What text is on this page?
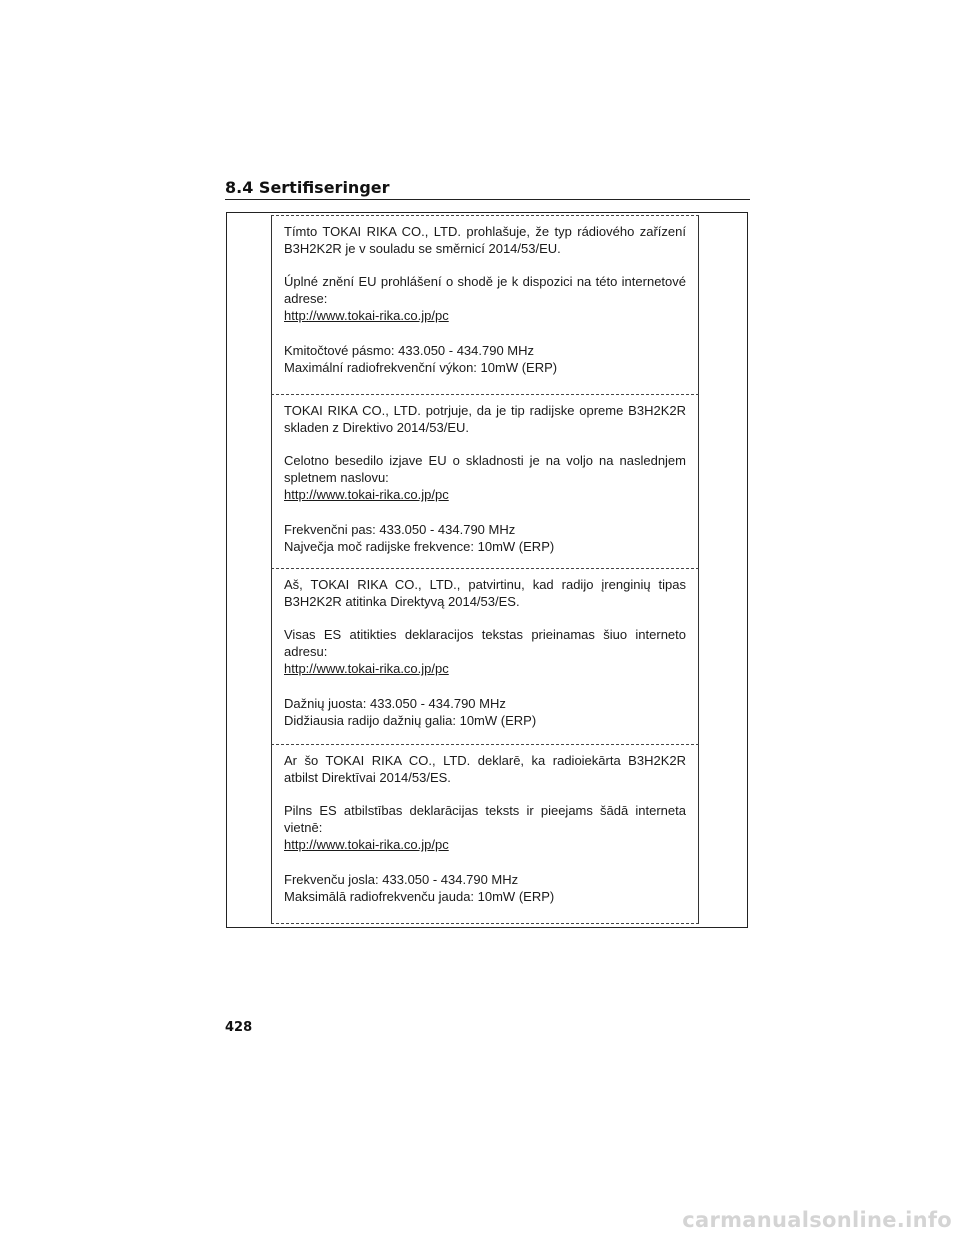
8.4 Sertifiseringer

Tímto TOKAI RIKA CO., LTD. prohlašuje, že typ rádiového zařízení B3H2K2R je v souladu se směrnicí 2014/53/EU.

Úplné znění EU prohlášení o shodě je k dispozici na této internetové adrese:
http://www.tokai-rika.co.jp/pc

Kmitočtové pásmo: 433.050 - 434.790 MHz
Maximální radiofrekvenční výkon: 10mW (ERP)

TOKAI RIKA CO., LTD. potrjuje, da je tip radijske opreme B3H2K2R skladen z Direktivo 2014/53/EU.

Celotno besedilo izjave EU o skladnosti je na voljo na naslednjem spletnem naslovu:
http://www.tokai-rika.co.jp/pc

Frekvenčni pas: 433.050 - 434.790 MHz
Največja moč radijske frekvence: 10mW (ERP)

Aš, TOKAI RIKA CO., LTD., patvirtinu, kad radijo įrenginių tipas B3H2K2R atitinka Direktyvą 2014/53/ES.

Visas ES atitikties deklaracijos tekstas prieinamas šiuo interneto adresu:
http://www.tokai-rika.co.jp/pc

Dažnių juosta: 433.050 - 434.790 MHz
Didžiausia radijo dažnių galia: 10mW (ERP)

Ar šo TOKAI RIKA CO., LTD. deklarē, ka radioiekārta B3H2K2R atbilst Direktīvai 2014/53/ES.

Pilns ES atbilstības deklarācijas teksts ir pieejams šādā interneta vietnē:
http://www.tokai-rika.co.jp/pc

Frekvenču josla: 433.050 - 434.790 MHz
Maksimālā radiofrekvenču jauda: 10mW (ERP)
428
carmanualsonline.info
